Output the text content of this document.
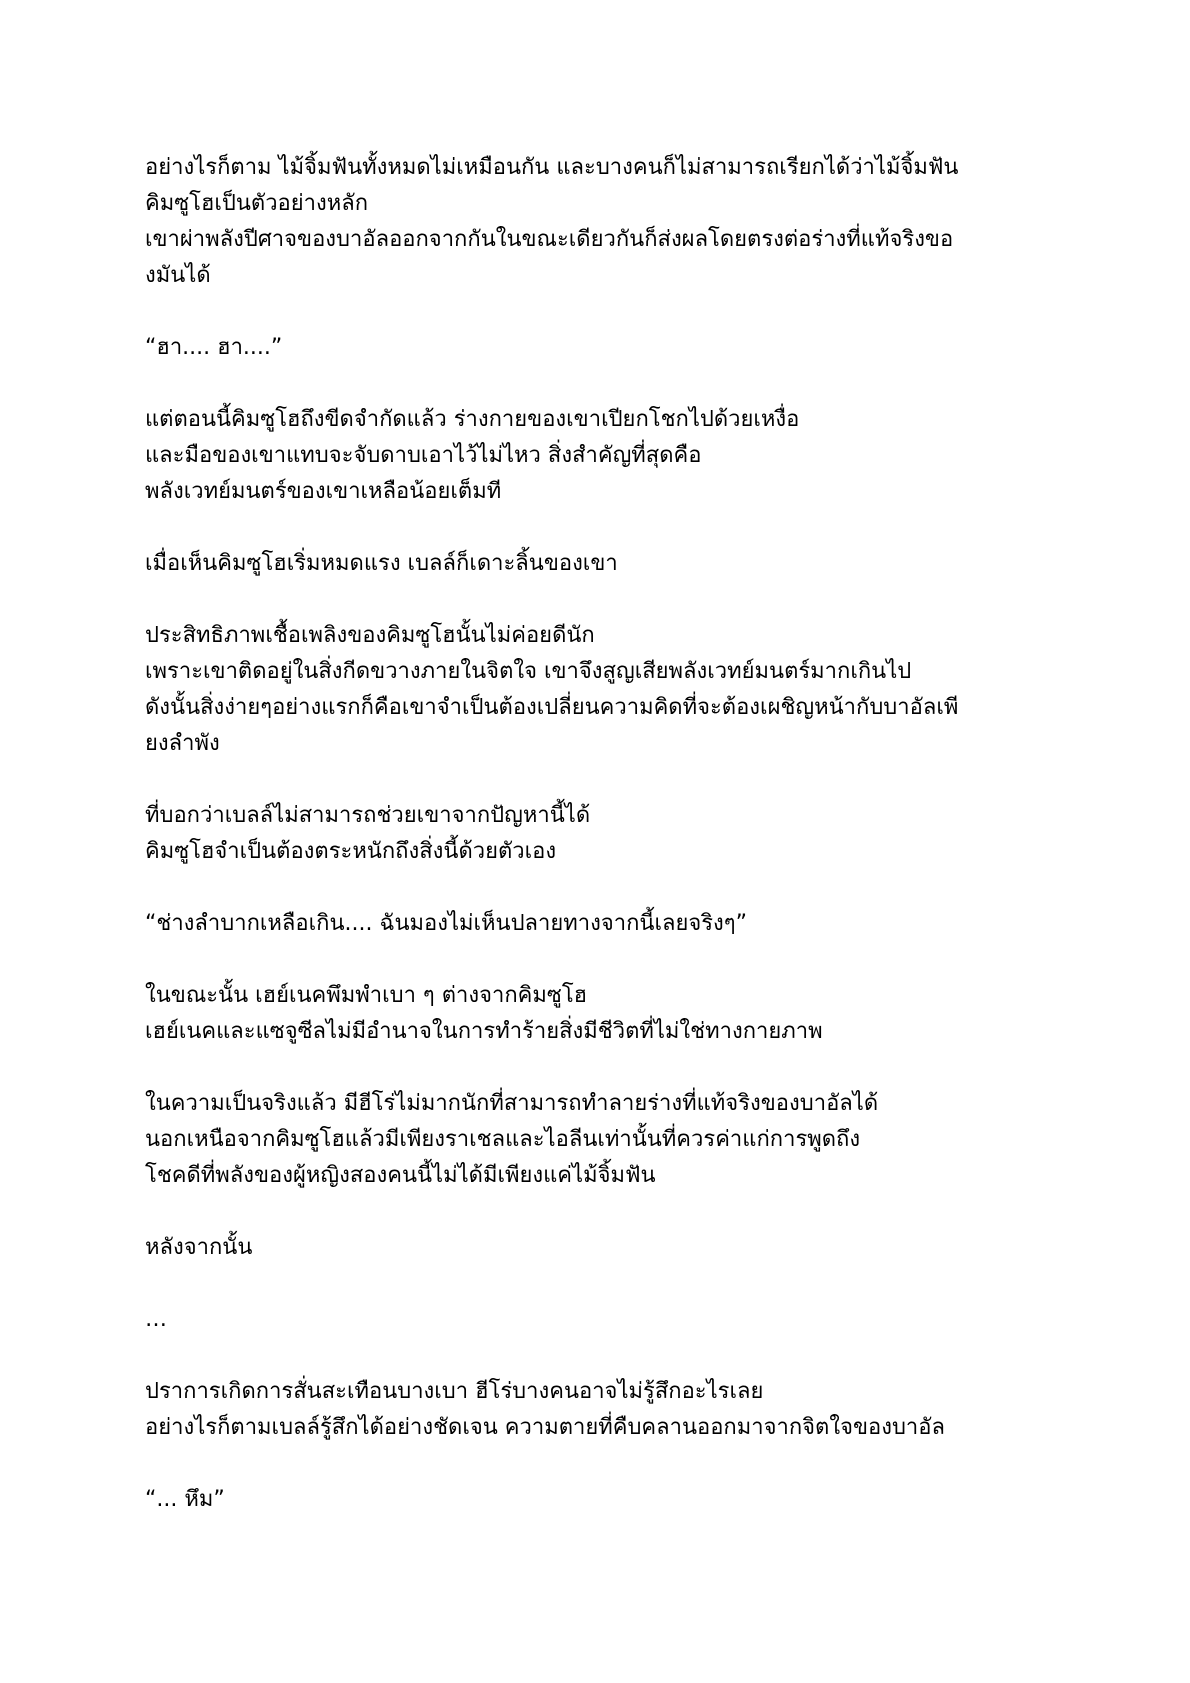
อย่างไรก็ตาม ไม้จิ้มฟันทั้งหมดไม่เหมือนกัน และบางคนก็ไม่สามารถเรียกได้ว่าไม้จิ้มฟัน
คิมซูโฮเป็นตัวอย่างหลัก
เขาผ่าพลังปีศาจของบาอัลออกจากกันในขณะเดียวกันก็ส่งผลโดยตรงต่อร่างที่แท้จริงขอ
งมันได้
“ฮา.... ฮา....”
แต่ตอนนี้คิมซูโฮถึงขีดจำกัดแล้ว ร่างกายของเขาเปียกโชกไปด้วยเหงื่อ
และมือของเขาแทบจะจับดาบเอาไว้ไม่ไหว สิ่งสำคัญที่สุดคือ
พลังเวทย์มนตร์ของเขาเหลือน้อยเต็มที
เมื่อเห็นคิมซูโฮเริ่มหมดแรง เบลล์ก็เดาะลิ้นของเขา
ประสิทธิภาพเชื้อเพลิงของคิมซูโฮนั้นไม่ค่อยดีนัก
เพราะเขาติดอยู่ในสิ่งกีดขวางภายในจิตใจ เขาจึงสูญเสียพลังเวทย์มนตร์มากเกินไป
ดังนั้นสิ่งง่ายๆอย่างแรกก็คือเขาจำเป็นต้องเปลี่ยนความคิดที่จะต้องเผชิญหน้ากับบาอัลเพี
ยงลำพัง
ที่บอกว่าเบลล์ไม่สามารถช่วยเขาจากปัญหานี้ได้
คิมซูโฮจำเป็นต้องตระหนักถึงสิ่งนี้ด้วยตัวเอง
“ช่างลำบากเหลือเกิน.... ฉันมองไม่เห็นปลายทางจากนี้เลยจริงๆ”
ในขณะนั้น เฮย์เนคพึมพำเบา ๆ ต่างจากคิมซูโฮ
เฮย์เนคและแซจูซีลไม่มีอำนาจในการทำร้ายสิ่งมีชีวิตที่ไม่ใช่ทางกายภาพ
ในความเป็นจริงแล้ว มีฮีโร่ไม่มากนักที่สามารถทำลายร่างที่แท้จริงของบาอัลได้
นอกเหนือจากคิมซูโฮแล้วมีเพียงราเชลและไอลีนเท่านั้นที่ควรค่าแก่การพูดถึง
โชคดีที่พลังของผู้หญิงสองคนนี้ไม่ได้มีเพียงแค่ไม้จิ้มฟัน
หลังจากนั้น
…
ปราการเกิดการสั่นสะเทือนบางเบา ฮีโร่บางคนอาจไม่รู้สึกอะไรเลย
อย่างไรก็ตามเบลล์รู้สึกได้อย่างชัดเจน ความตายที่คืบคลานออกมาจากจิตใจของบาอัล
“... หึม”
